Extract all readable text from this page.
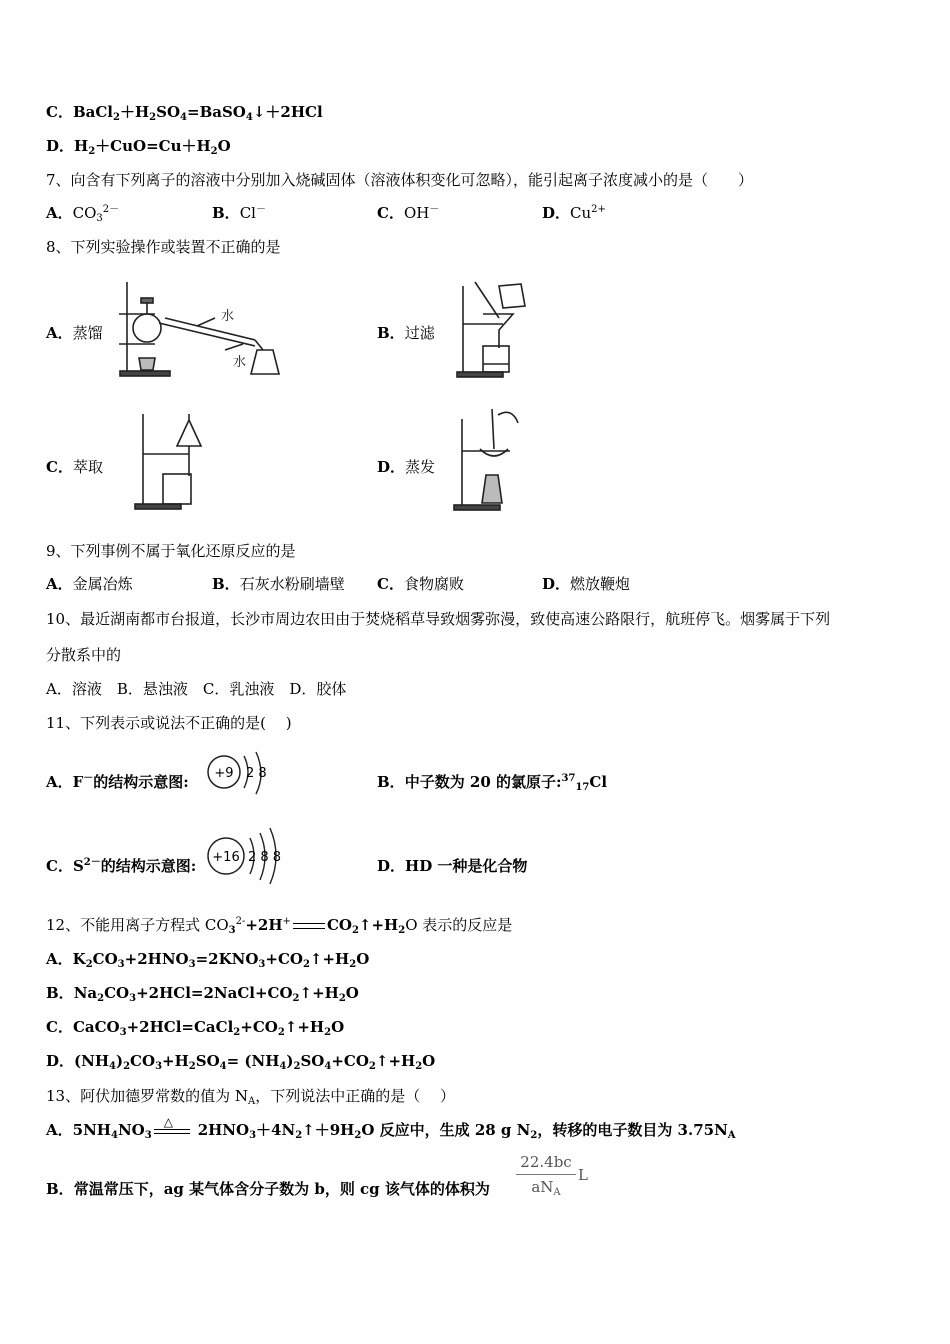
C．$BaCl_2+H_2SO_4=BaSO_4↓+2HCl$
D．$H_2+CuO=Cu+H_2O$
7、向含有下列离子的溶液中分别加入烧碱固体（溶液体积变化可忽略），能引起离子浓度减小的是（　　）
A．$CO_3^{2-}$	B．Cl－	C．OH－	D．$Cu^{2+}$
8、下列实验操作或装置不正确的是
A．蒸馏	B．过滤
C．萃取	D．蒸发
水
水
9、下列事例不属于氧化还原反应的是
A．金属冶炼	B．石灰水粉刷墙壁 C．食物腐败	D．燃放鞭炮
10、最近湖南都市台报道，长沙市周边农田由于焚烧稻草导致烟雾弥漫，致使高速公路限行，航班停飞。烟雾属于下列
分散系中的
A．溶液　B．悬浊液　C．乳浊液　D．胶体
11、下列表示或说法不正确的是(　 )
A．F－的结构示意图: +9 2 8	B．中子数为 20 的氯原子:$^{37}_{17}$Cl
C．$S^{2-}$的结构示意图: +16 2 8 8	D．HD 一种是化合物
12、不能用离子方程式 $CO_3^{2-}+2H^+$ $CO_2↑+H_2O$ 表示的反应是
A．$K_2CO_3+2HNO_3=2KNO_3+CO_2↑+H_2O$
B．$Na_2CO_3+2HCl=2NaCl+CO_2↑+H_2O$
C．$CaCO_3+2HCl=CaCl_2+CO_2↑+H_2O$
D．$(NH_4)_2CO_3+H_2SO_4=$ $(NH_4)_2SO_4+CO_2↑+H_2O$
13、阿伏加德罗常数的值为 $N_A$，下列说法中正确的是（　 ）
A．$5NH_4NO_3$
△ $2HNO_3+4N_2↑+9H_2O$ 反应中，生成 28 g $N_2$，转移的电子数目为 $3.75N_A$
B．常温常压下，ag 某气体含分子数为 b，则 cg 该气体的体积为
22.4bc
$aN_A$
L
